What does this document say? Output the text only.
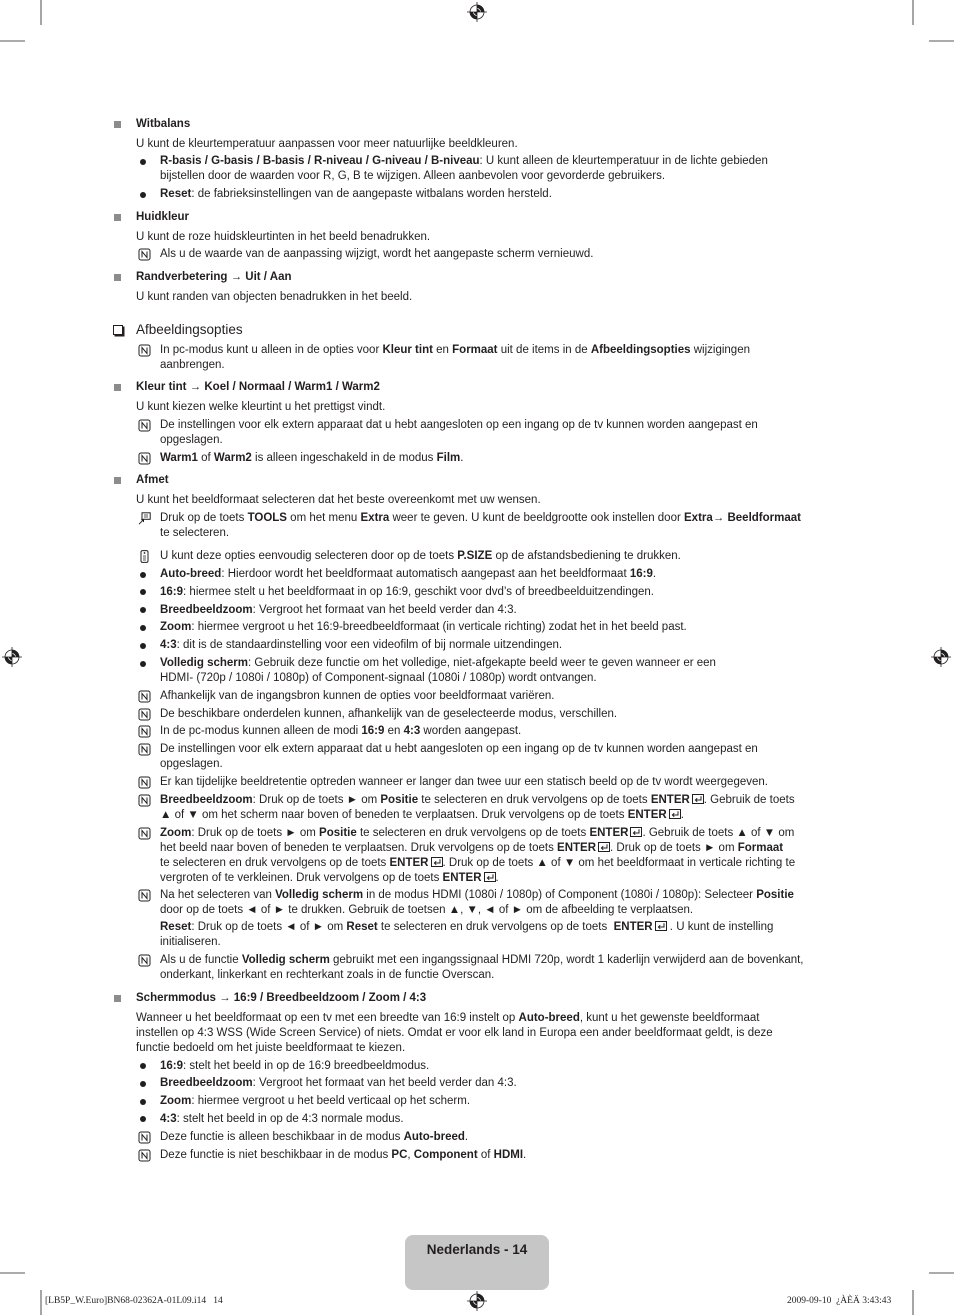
Witbalans
U kunt de kleurtemperatuur aanpassen voor meer natuurlijke beeldkleuren.
R-basis / G-basis / B-basis / R-niveau / G-niveau / B-niveau: U kunt alleen de kleurtemperatuur in de lichte gebieden
bijstellen door de waarden voor R, G, B te wijzigen. Alleen aanbevolen voor gevorderde gebruikers.
Reset: de fabrieksinstellingen van de aangepaste witbalans worden hersteld.
Huidkleur
U kunt de roze huidskleurtinten in het beeld benadrukken.
Als u de waarde van de aanpassing wijzigt, wordt het aangepaste scherm vernieuwd.
Randverbetering → Uit / Aan
U kunt randen van objecten benadrukken in het beeld.
Afbeeldingsopties
In pc-modus kunt u alleen in de opties voor Kleur tint en Formaat uit de items in de Afbeeldingsopties wijzigingen
aanbrengen.
Kleur tint → Koel / Normaal / Warm1 / Warm2
U kunt kiezen welke kleurtint u het prettigst vindt.
De instellingen voor elk extern apparaat dat u hebt aangesloten op een ingang op de tv kunnen worden aangepast en
opgeslagen.
Warm1 of Warm2 is alleen ingeschakeld in de modus Film.
Afmet
U kunt het beeldformaat selecteren dat het beste overeenkomt met uw wensen.
Druk op de toets TOOLS om het menu Extra weer te geven. U kunt de beeldgrootte ook instellen door Extra→ Beeldformaat
te selecteren.
U kunt deze opties eenvoudig selecteren door op de toets P.SIZE op de afstandsbediening te drukken.
Auto-breed: Hierdoor wordt het beeldformaat automatisch aangepast aan het beeldformaat 16:9.
16:9: hiermee stelt u het beeldformaat in op 16:9, geschikt voor dvd’s of breedbeelduitzendingen.
Breedbeeldzoom: Vergroot het formaat van het beeld verder dan 4:3.
Zoom: hiermee vergroot u het 16:9-breedbeeldformaat (in verticale richting) zodat het in het beeld past.
4:3: dit is de standaardinstelling voor een videofilm of bij normale uitzendingen.
Volledig scherm: Gebruik deze functie om het volledige, niet-afgekapte beeld weer te geven wanneer er een
HDMI- (720p / 1080i / 1080p) of Component-signaal (1080i / 1080p) wordt ontvangen.
Afhankelijk van de ingangsbron kunnen de opties voor beeldformaat variëren.
De beschikbare onderdelen kunnen, afhankelijk van de geselecteerde modus, verschillen.
In de pc-modus kunnen alleen de modi 16:9 en 4:3 worden aangepast.
De instellingen voor elk extern apparaat dat u hebt aangesloten op een ingang op de tv kunnen worden aangepast en
opgeslagen.
Er kan tijdelijke beeldretentie optreden wanneer er langer dan twee uur een statisch beeld op de tv wordt weergegeven.
Breedbeeldzoom: Druk op de toets ► om Positie te selecteren en druk vervolgens op de toets ENTER . Gebruik de toets
▲ of ▼ om het scherm naar boven of beneden te verplaatsen. Druk vervolgens op de toets ENTER .
Zoom: Druk op de toets ► om Positie te selecteren en druk vervolgens op de toets ENTER . Gebruik de toets ▲ of ▼ om
het beeld naar boven of beneden te verplaatsen. Druk vervolgens op de toets ENTER . Druk op de toets ► om Formaat
te selecteren en druk vervolgens op de toets ENTER . Druk op de toets ▲ of ▼ om het beeldformaat in verticale richting te
vergroten of te verkleinen. Druk vervolgens op de toets ENTER .
Na het selecteren van Volledig scherm in de modus HDMI (1080i / 1080p) of Component (1080i / 1080p): Selecteer Positie
door op de toets ◄ of ► te drukken. Gebruik de toetsen ▲, ▼, ◄ of ► om de afbeelding te verplaatsen.
Reset: Druk op de toets ◄ of ► om Reset te selecteren en druk vervolgens op de toets  ENTER . U kunt de instelling
initialiseren.
Als u de functie Volledig scherm gebruikt met een ingangssignaal HDMI 720p, wordt 1 kaderlijn verwijderd aan de bovenkant,
onderkant, linkerkant en rechterkant zoals in de functie Overscan.
Schermmodus → 16:9 / Breedbeeldzoom / Zoom / 4:3
Wanneer u het beeldformaat op een tv met een breedte van 16:9 instelt op Auto-breed, kunt u het gewenste beeldformaat
instellen op 4:3 WSS (Wide Screen Service) of niets. Omdat er voor elk land in Europa een ander beeldformaat geldt, is deze
functie bedoeld om het juiste beeldformaat te kiezen.
16:9: stelt het beeld in op de 16:9 breedbeeldmodus.
Breedbeeldzoom: Vergroot het formaat van het beeld verder dan 4:3.
Zoom: hiermee vergroot u het beeld verticaal op het scherm.
4:3: stelt het beeld in op de 4:3 normale modus.
Deze functie is alleen beschikbaar in de modus Auto-breed.
Deze functie is niet beschikbaar in de modus PC, Component of HDMI.
Nederlands - 14
[LB5P_W.Euro]BN68-02362A-01L09.i14   14	2009-09-10  ¿ÀÈÄ 3:43:43
